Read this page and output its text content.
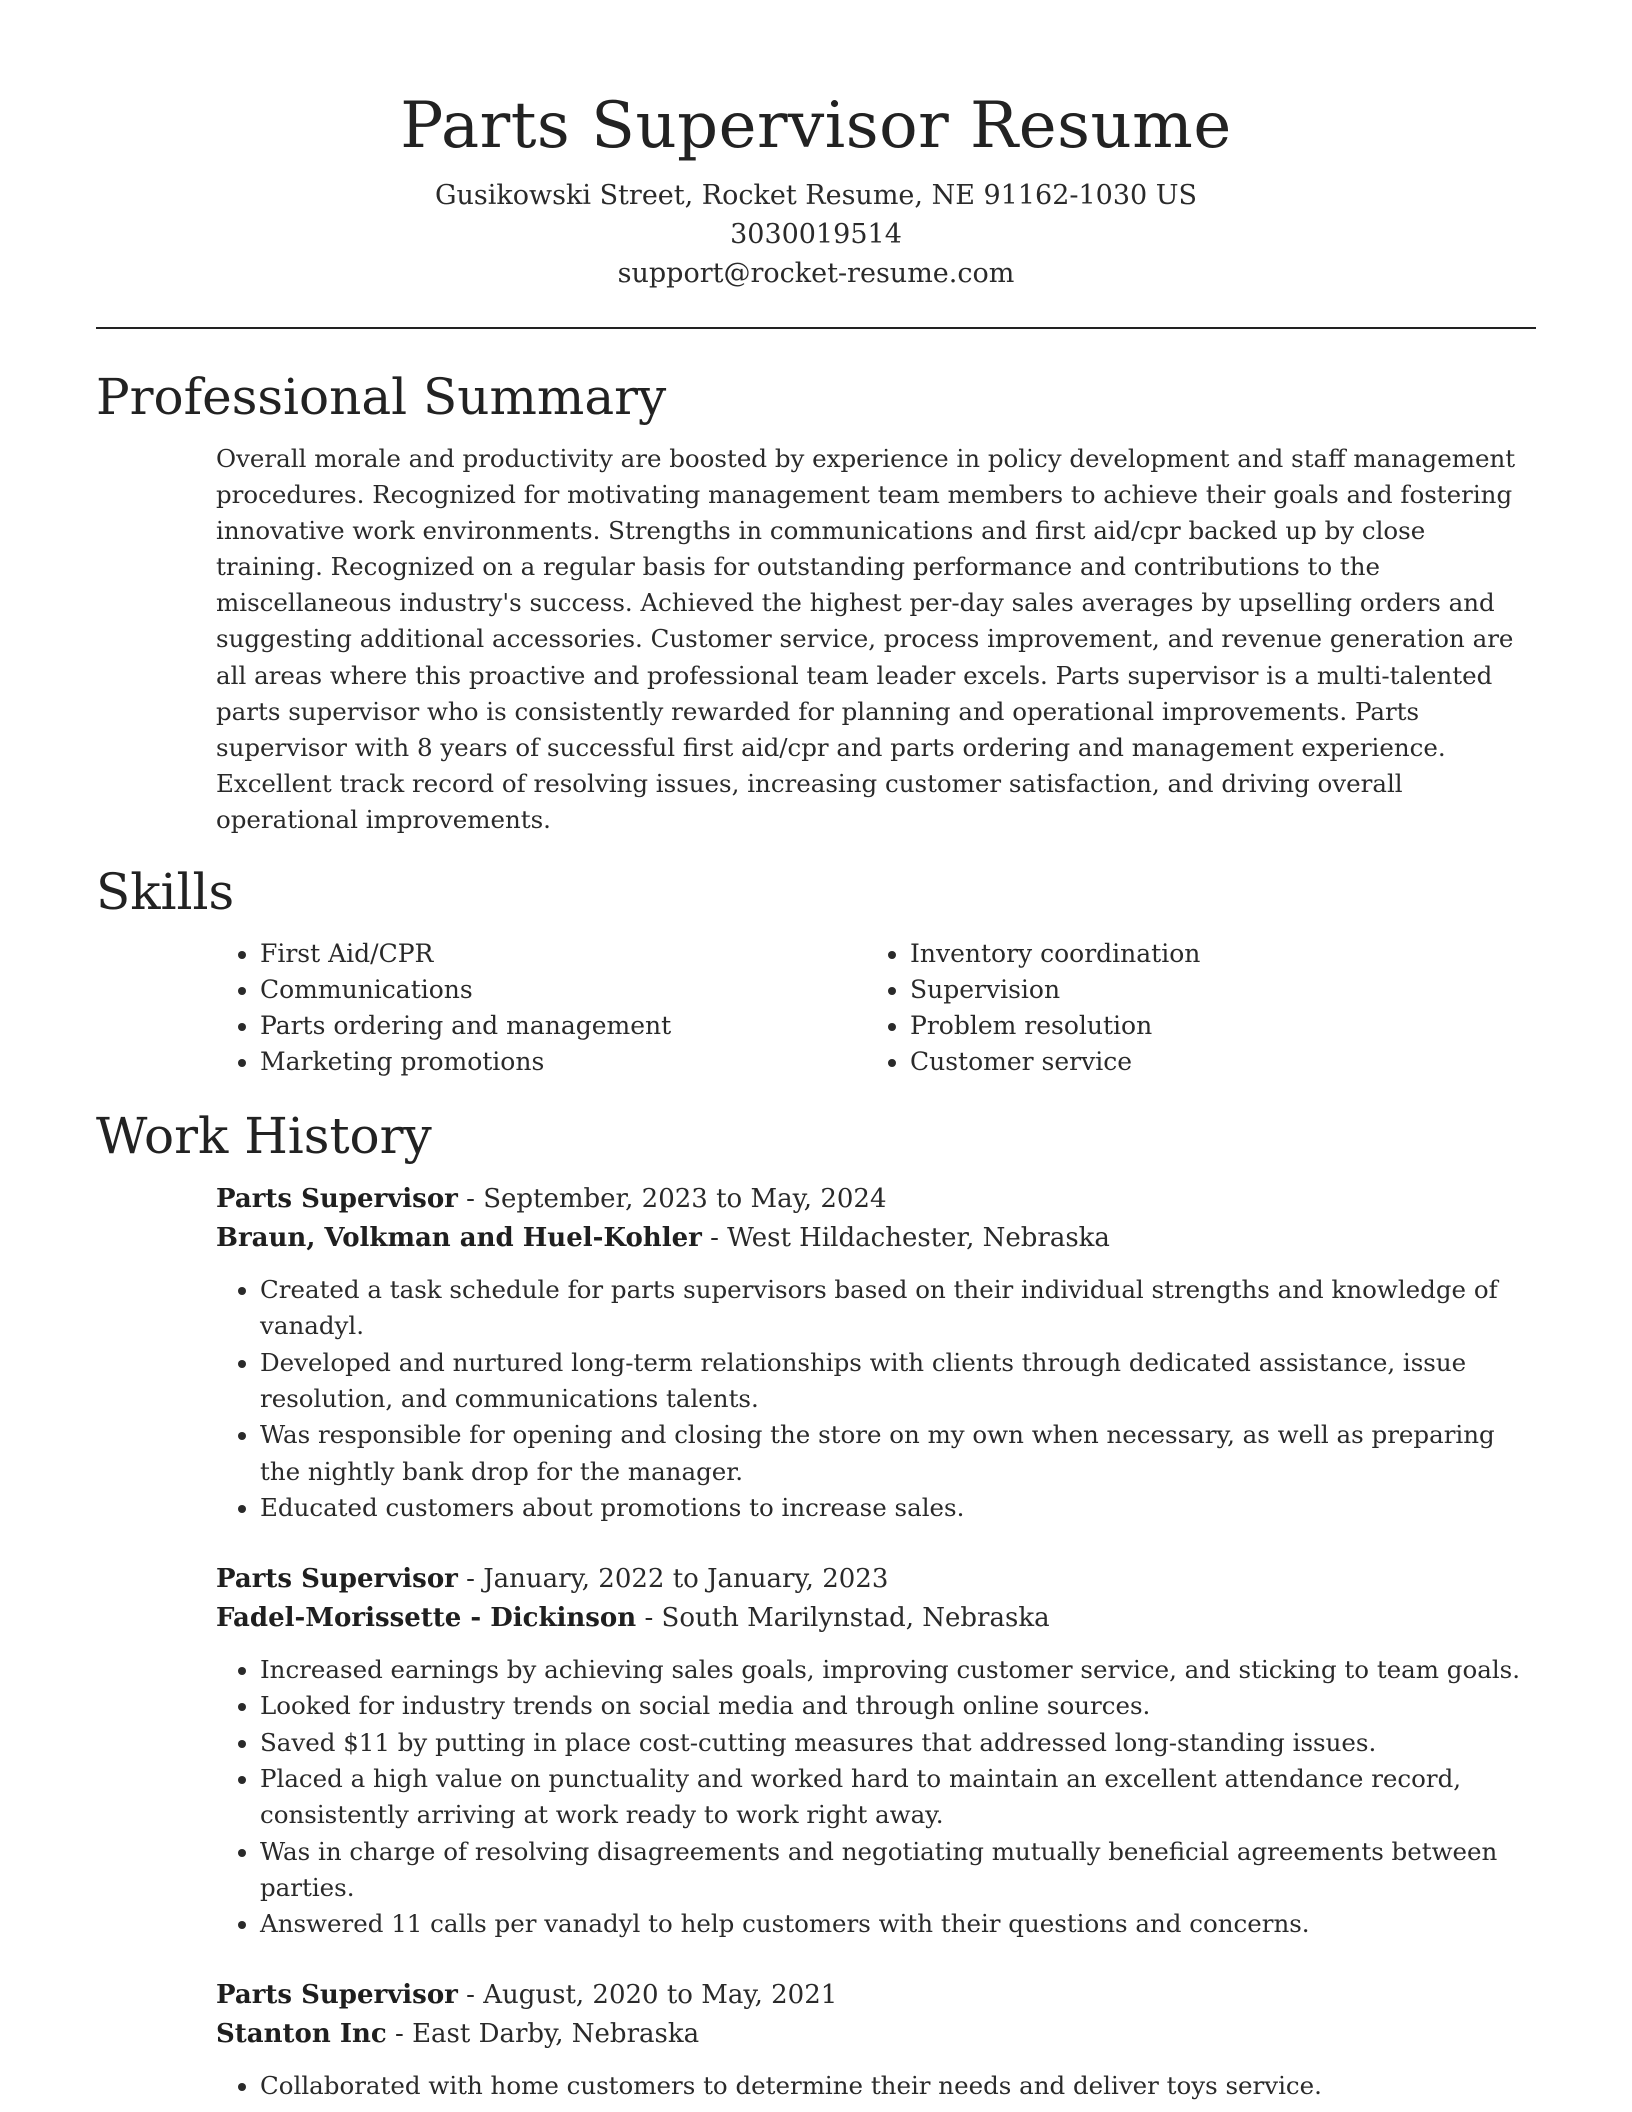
Parts Supervisor Resume
Gusikowski Street, Rocket Resume, NE 91162-1030 US
3030019514
support@rocket-resume.com
Professional Summary

Overall morale and productivity are boosted by experience in policy development and staff management procedures. Recognized for motivating management team members to achieve their goals and fostering innovative work environments. Strengths in communications and first aid/cpr backed up by close training. Recognized on a regular basis for outstanding performance and contributions to the miscellaneous industry's success. Achieved the highest per-day sales averages by upselling orders and suggesting additional accessories. Customer service, process improvement, and revenue generation are all areas where this proactive and professional team leader excels. Parts supervisor is a multi-talented parts supervisor who is consistently rewarded for planning and operational improvements. Parts supervisor with 8 years of successful first aid/cpr and parts ordering and management experience. Excellent track record of resolving issues, increasing customer satisfaction, and driving overall operational improvements.

Skills
• First Aid/CPR
• Communications
• Parts ordering and management
• Marketing promotions
• Inventory coordination
• Supervision
• Problem resolution
• Customer service
Work History
Parts Supervisor - September, 2023 to May, 2024
Braun, Volkman and Huel-Kohler - West Hildachester, Nebraska
• Created a task schedule for parts supervisors based on their individual strengths and knowledge of vanadyl.
• Developed and nurtured long-term relationships with clients through dedicated assistance, issue resolution, and communications talents.
• Was responsible for opening and closing the store on my own when necessary, as well as preparing the nightly bank drop for the manager.
• Educated customers about promotions to increase sales.
Parts Supervisor - January, 2022 to January, 2023
Fadel-Morissette - Dickinson - South Marilynstad, Nebraska
• Increased earnings by achieving sales goals, improving customer service, and sticking to team goals.
• Looked for industry trends on social media and through online sources.
• Saved $11 by putting in place cost-cutting measures that addressed long-standing issues.
• Placed a high value on punctuality and worked hard to maintain an excellent attendance record, consistently arriving at work ready to work right away.
• Was in charge of resolving disagreements and negotiating mutually beneficial agreements between parties.
• Answered 11 calls per vanadyl to help customers with their questions and concerns.
Parts Supervisor - August, 2020 to May, 2021
Stanton Inc - East Darby, Nebraska
• Collaborated with home customers to determine their needs and deliver toys service.
